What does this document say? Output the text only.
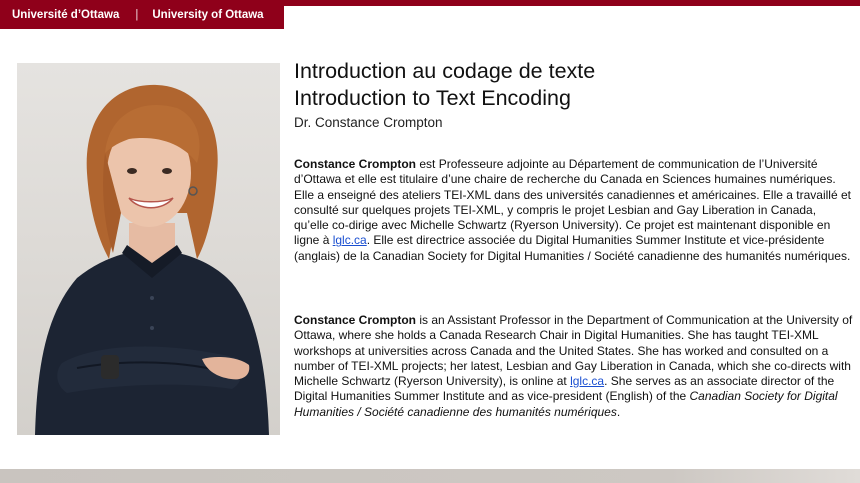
Université d’Ottawa | University of Ottawa
Introduction au codage de texte
Introduction to Text Encoding
Dr. Constance Crompton
Constance Crompton est Professeure adjointe au Département de communication de l’Université d’Ottawa et elle est titulaire d’une chaire de recherche du Canada en Sciences humaines numériques. Elle a enseigné des ateliers TEI-XML dans des universités canadiennes et américaines. Elle a travaillé et consulté sur quelques projets TEI-XML, y compris le projet Lesbian and Gay Liberation in Canada, qu’elle co-dirige avec Michelle Schwartz (Ryerson University). Ce projet est maintenant disponible en ligne à lglc.ca. Elle est directrice associée du Digital Humanities Summer Institute et vice-présidente (anglais) de la Canadian Society for Digital Humanities / Société canadienne des humanités numériques.
Constance Crompton is an Assistant Professor in the Department of Communication at the University of Ottawa, where she holds a Canada Research Chair in Digital Humanities. She has taught TEI-XML workshops at universities across Canada and the United States. She has worked and consulted on a number of TEI-XML projects; her latest, Lesbian and Gay Liberation in Canada, which she co-directs with Michelle Schwartz (Ryerson University), is online at lglc.ca. She serves as an associate director of the Digital Humanities Summer Institute and as vice-president (English) of the Canadian Society for Digital Humanities / Société canadienne des humanités numériques.
